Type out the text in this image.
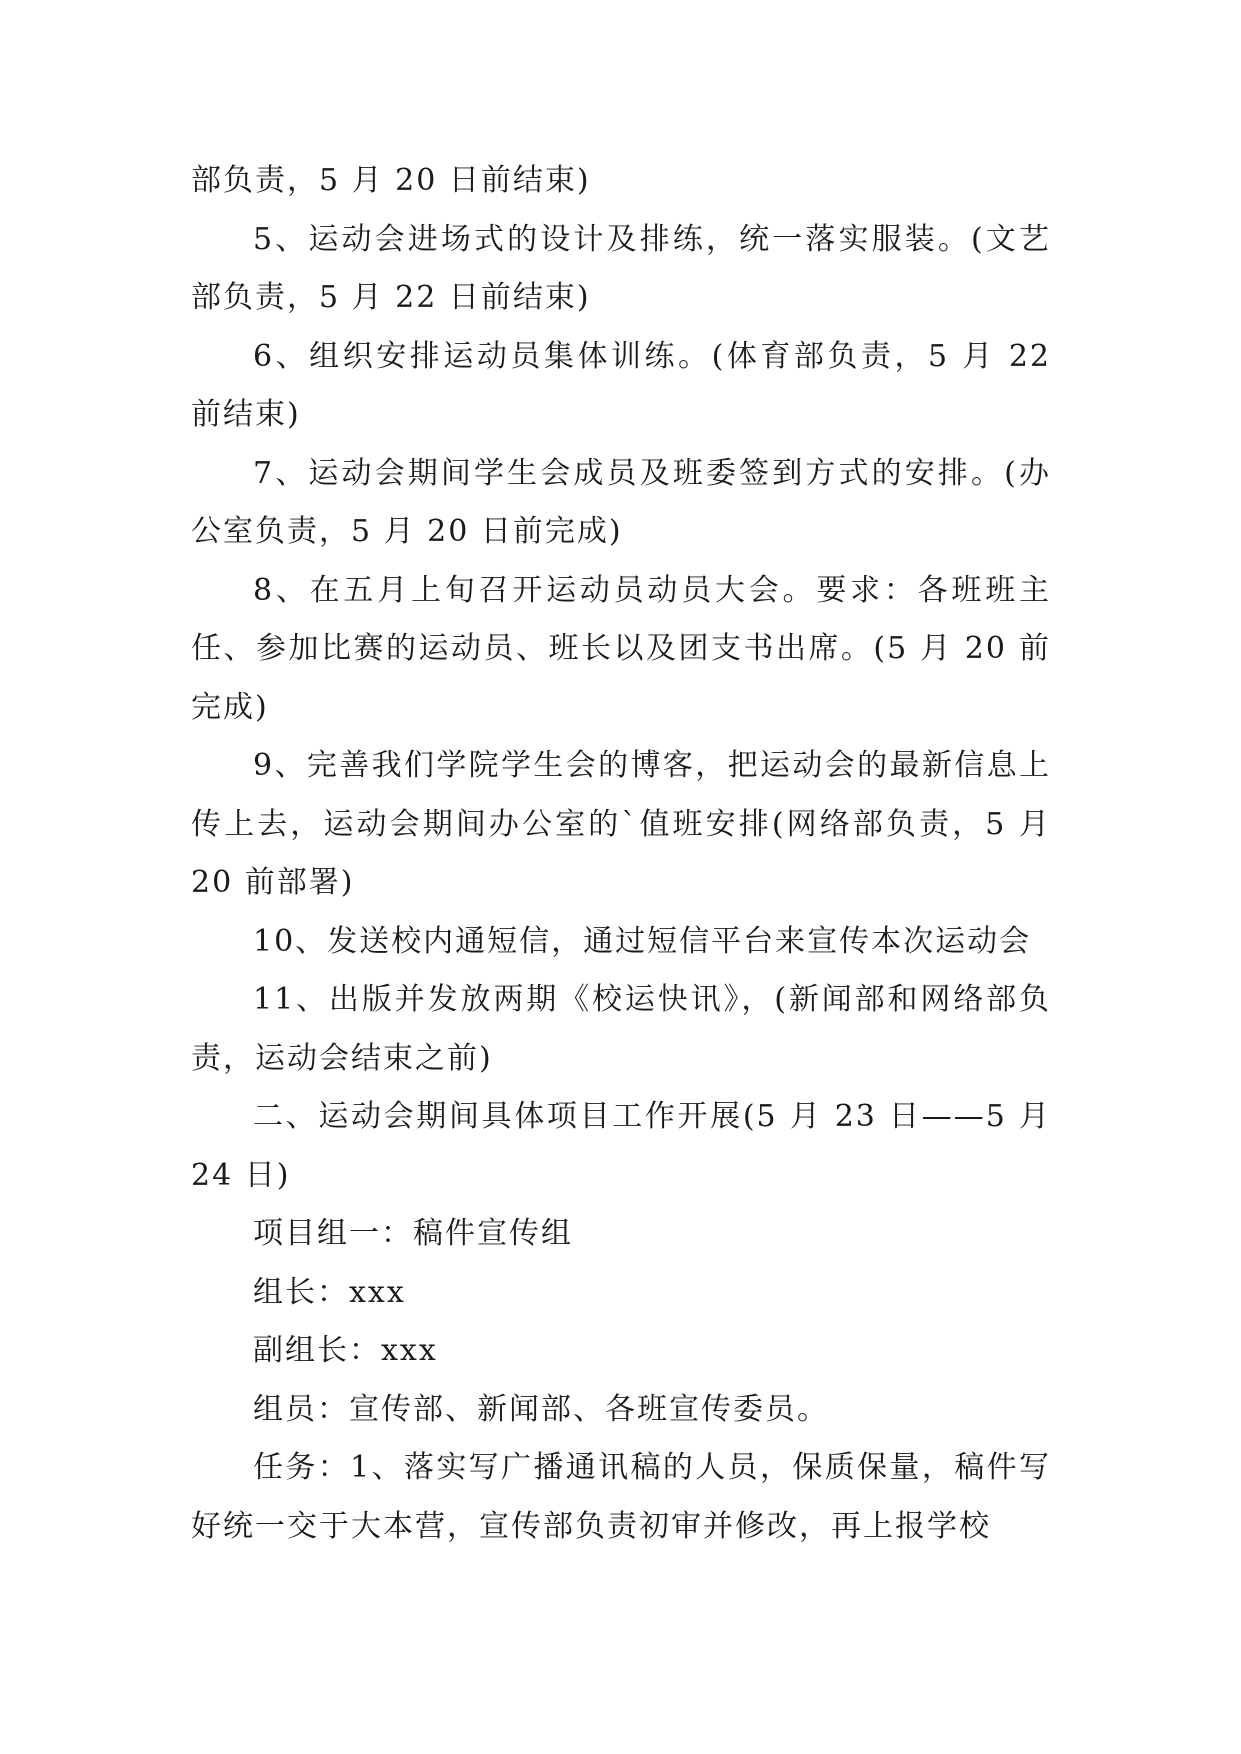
部负责，5 月 20 日前结束)

5、运动会进场式的设计及排练，统一落实服装。(文艺部负责，5 月 22 日前结束)

6、组织安排运动员集体训练。(体育部负责，5 月 22 前结束)

7、运动会期间学生会成员及班委签到方式的安排。(办公室负责，5 月 20 日前完成)

8、在五月上旬召开运动员动员大会。要求：各班班主任、参加比赛的运动员、班长以及团支书出席。(5 月 20 前完成)

9、完善我们学院学生会的博客，把运动会的最新信息上传上去，运动会期间办公室的`值班安排(网络部负责，5 月 20 前部署)

10、发送校内通短信，通过短信平台来宣传本次运动会

11、出版并发放两期《校运快讯》，(新闻部和网络部负责，运动会结束之前)

二、运动会期间具体项目工作开展(5 月 23 日——5 月 24 日)

项目组一：稿件宣传组

组长：xxx

副组长：xxx

组员：宣传部、新闻部、各班宣传委员。

任务：1、落实写广播通讯稿的人员，保质保量，稿件写好统一交于大本营，宣传部负责初审并修改，再上报学校
